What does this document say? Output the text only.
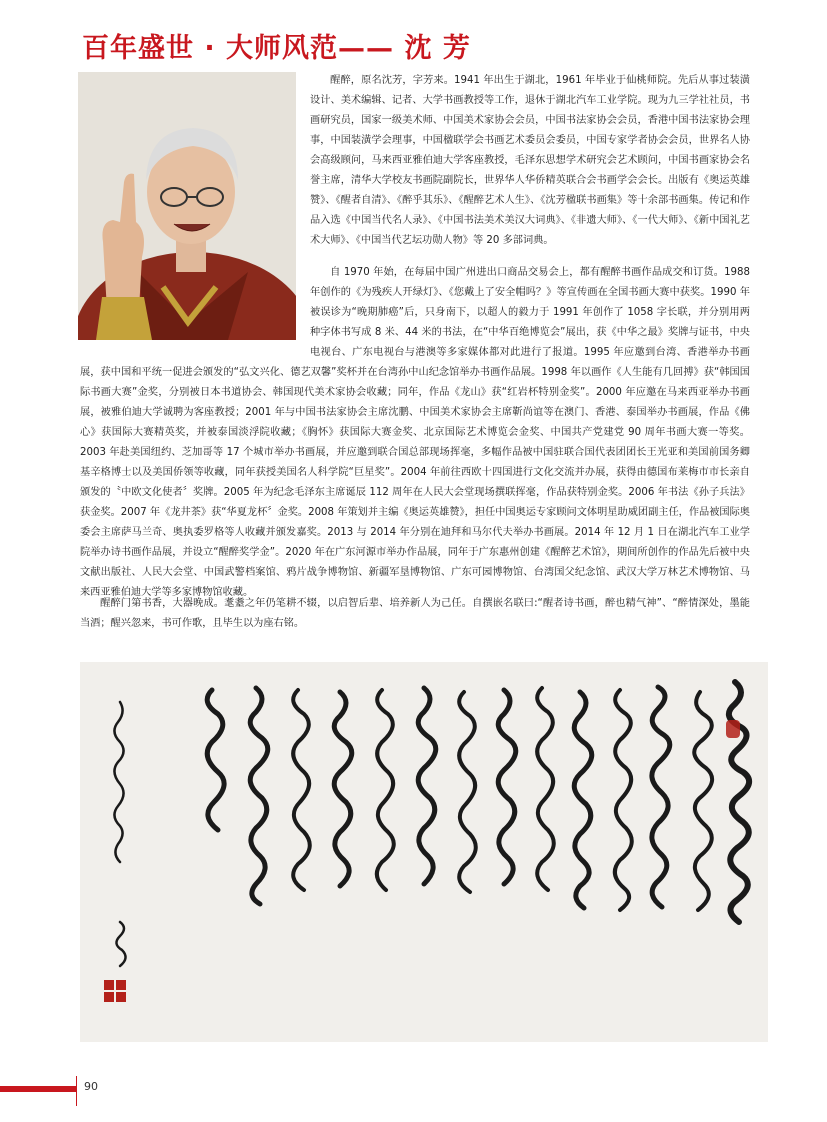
百年盛世 · 大师风范—— 沈 芳

醒醉，原名沈芳，字芳来。1941 年出生于湖北，1961 年毕业于仙桃师院。先后从事过装潢设计、美术编辑、记者、大学书画教授等工作，退休于湖北汽车工业学院。现为九三学社社员，书画研究员，国家一级美术师、中国美术家协会会员，中国书法家协会会员，香港中国书法家协会理事，中国装潢学会理事，中国楹联学会书画艺术委员会委员，中国专家学者协会会员，世界名人协会高级顾问，马来西亚雅伯迪大学客座教授，毛泽东思想学术研究会艺术顾问，中国书画家协会名誉主席，清华大学校友书画院副院长，世界华人华侨精英联合会书画学会会长。出版有《奥运英雄赞》、《醒者自清》、《醉乎其乐》、《醒醉艺术人生》、《沈芳楹联书画集》等十余部书画集。传记和作品入选《中国当代名人录》、《中国书法美术美汉大词典》、《非遗大师》、《一代大师》、《新中国礼艺术大师》、《中国当代艺坛功勋人物》等 20 多部词典。

自 1970 年始，在每届中国广州进出口商品交易会上，都有醒醉书画作品成交和订货。1988 年创作的《为残疾人开绿灯》、《您戴上了安全帽吗？》等宣传画在全国书画大赛中获奖。1990 年被误诊为“晚期肺癌”后，只身南下，以超人的毅力于 1991 年创作了 1058 字长联，并分别用两种字体书写成 8 米、44 米的书法，在“中华百绝博览会”展出，获《中华之最》奖牌与证书，中央电视台、广东电视台与港澳等多家媒体都对此进行了报道。1995 年应邀到台湾、香港举办书画展，获中国和平统一促进会颁发的“弘文兴化、德艺双馨”奖杯并在台湾孙中山纪念馆举办书画作品展。1998 年以画作《人生能有几回搏》获“韩国国际书画大赛”金奖，分别被日本书道协会、韩国现代美术家协会收藏；同年，作品《龙山》获“红岩杯特别金奖”。2000 年应邀在马来西亚举办书画展，被雅伯迪大学诚聘为客座教授；2001 年与中国书法家协会主席沈鹏、中国美术家协会主席靳尚谊等在澳门、香港、泰国举办书画展，作品《佛心》获国际大赛精英奖，并被泰国淡浮院收藏；《胸怀》获国际大赛金奖、北京国际艺术博览会金奖、中国共产党建党 90 周年书画大赛一等奖。2003 年赴美国纽约、芝加哥等 17 个城市举办书画展，并应邀到联合国总部现场挥毫，多幅作品被中国驻联合国代表团团长王光亚和美国前国务卿基辛格博士以及美国侨领等收藏，同年获授美国名人科学院“巨星奖”。2004 年前往西欧十四国进行文化交流并办展，获得由德国布莱梅市市长亲自颁发的〝中欧文化使者〞奖牌。2005 年为纪念毛泽东主席诞辰 112 周年在人民大会堂现场撰联挥毫，作品获特别金奖。2006 年书法《孙子兵法》获金奖。2007 年《龙井茶》获“华夏龙杯〞金奖。2008 年策划并主编《奥运英雄赞》，担任中国奥运专家顾问文体明星助威团副主任，作品被国际奥委会主席萨马兰奇、奥执委罗格等人收藏并颁发嘉奖。2013 与 2014 年分别在迪拜和马尔代夫举办书画展。2014 年 12 月 1 日在湖北汽车工业学院举办诗书画作品展，并设立“醒醉奖学金”。2020 年在广东河源市举办作品展，同年于广东惠州创建《醒醉艺术馆》，期间所创作的作品先后被中央文献出版社、人民大会堂、中国武警档案馆、鸦片战争博物馆、新疆军垦博物馆、广东可园博物馆、台湾国父纪念馆、武汉大学万林艺术博物馆、马来西亚雅伯迪大学等多家博物馆收藏。

醒醉门第书香，大器晚成。耄耋之年仍笔耕不辍，以启智后辈、培养新人为己任。自撰嵌名联曰:“醒者诗书画，醉也精气神”、“醉情深处，墨能当酒；醒兴忽来，书可作歌，且毕生以为座右铭。

90
